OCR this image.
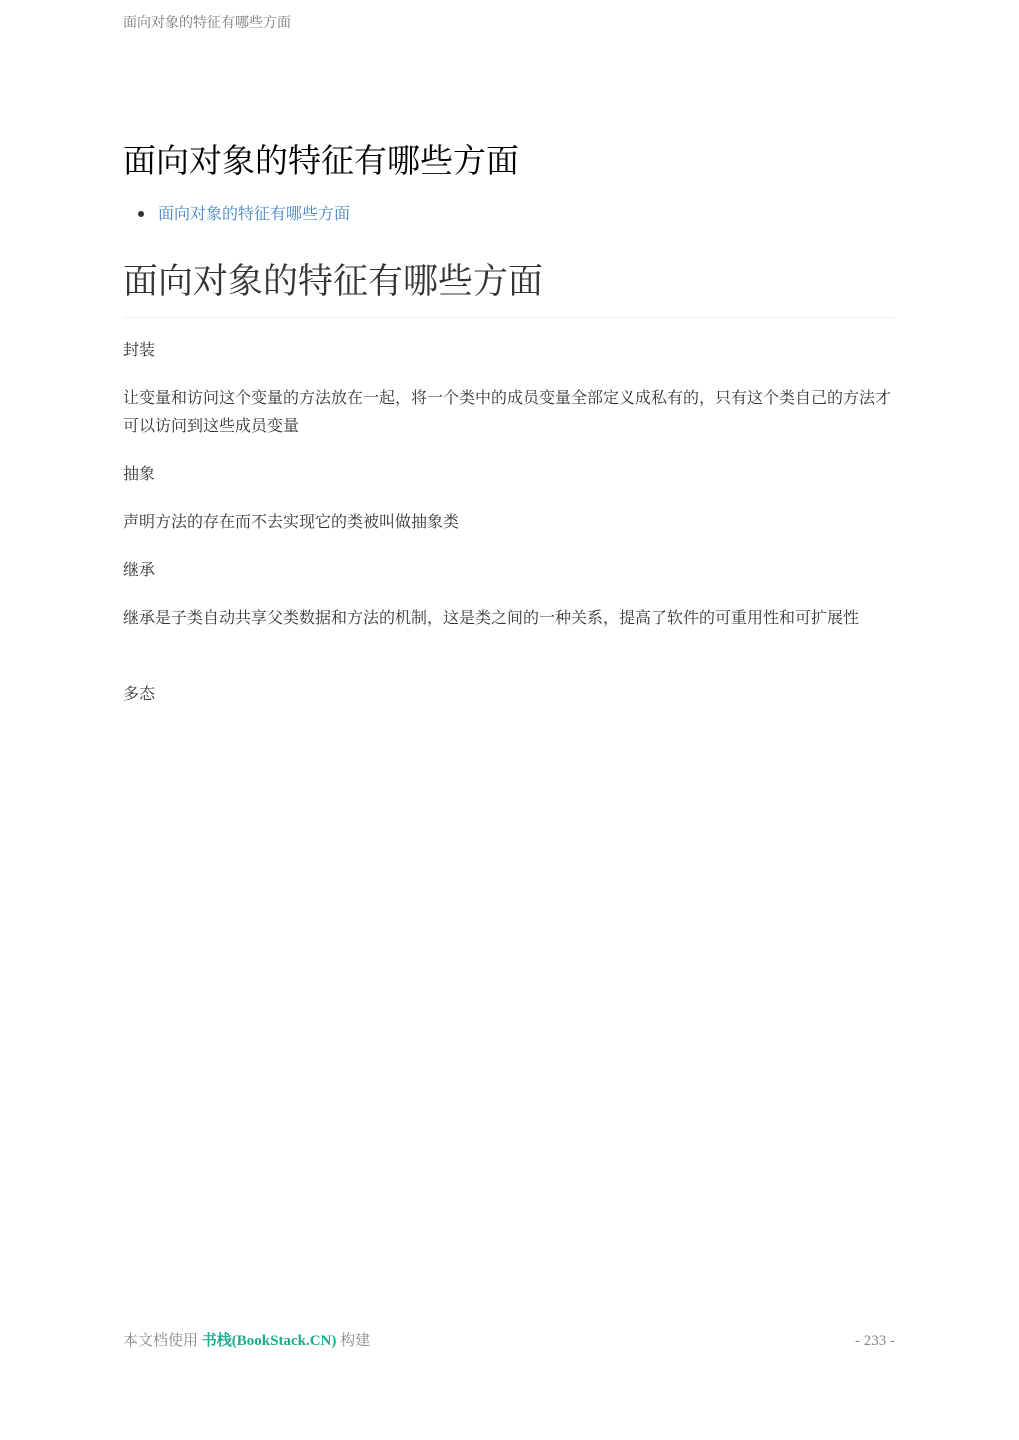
面向对象的特征有哪些方面
面向对象的特征有哪些方面
面向对象的特征有哪些方面
面向对象的特征有哪些方面

封装

让变量和访问这个变量的方法放在一起，将一个类中的成员变量全部定义成私有的，只有这个类自己的方法才可以访问到这些成员变量

抽象

声明方法的存在而不去实现它的类被叫做抽象类

继承

继承是子类自动共享父类数据和方法的机制，这是类之间的一种关系，提高了软件的可重用性和可扩展性

多态

本文档使用 书栈(BookStack.CN) 构建	- 233 -
